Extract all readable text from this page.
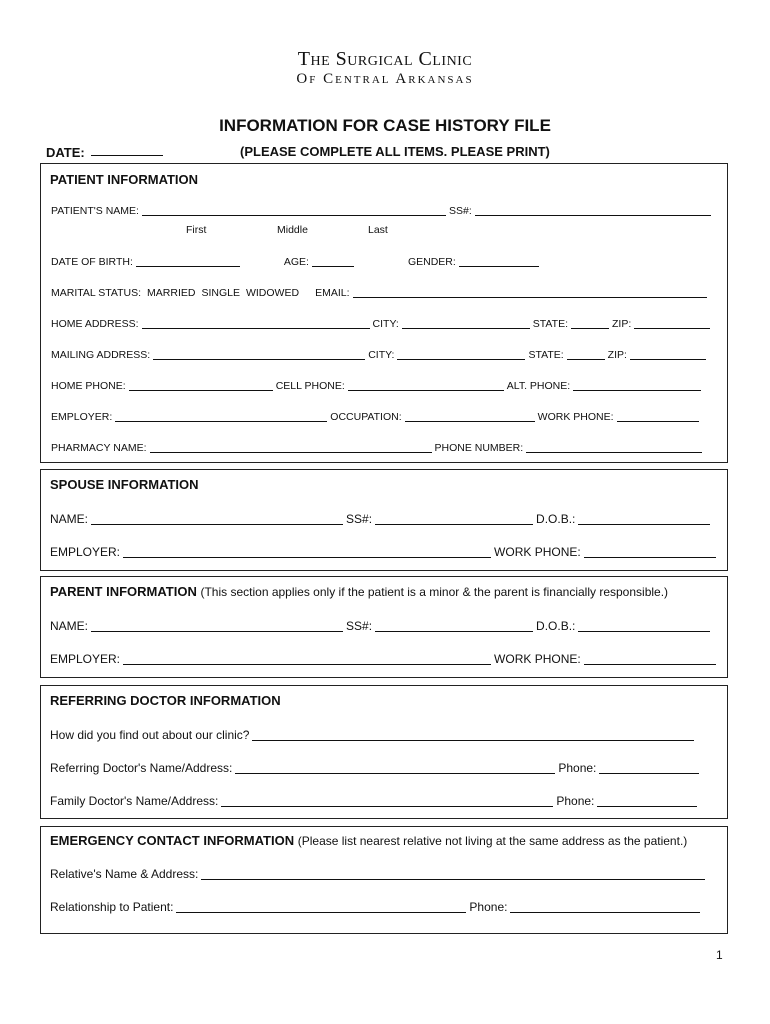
The Surgical Clinic
Of Central Arkansas
INFORMATION FOR CASE HISTORY FILE
DATE:	(PLEASE COMPLETE ALL ITEMS. PLEASE PRINT)
PATIENT INFORMATION
PATIENT'S NAME:	SS#:
First	Middle	Last
DATE OF BIRTH:	AGE:	GENDER:
MARITAL STATUS: MARRIED SINGLE WIDOWED EMAIL:
HOME ADDRESS:	CITY:	STATE:	ZIP:
MAILING ADDRESS:	CITY:	STATE:	ZIP:
HOME PHONE:	CELL PHONE:	ALT. PHONE:
EMPLOYER:	OCCUPATION:	WORK PHONE:
PHARMACY NAME:	PHONE NUMBER:
SPOUSE INFORMATION
NAME:	SS#:	D.O.B.:
EMPLOYER:	WORK PHONE:
PARENT INFORMATION (This section applies only if the patient is a minor & the parent is financially responsible.)
NAME:	SS#:	D.O.B.:
EMPLOYER:	WORK PHONE:
REFERRING DOCTOR INFORMATION
How did you find out about our clinic?
Referring Doctor's Name/Address:	Phone:
Family Doctor's Name/Address:	Phone:
EMERGENCY CONTACT INFORMATION (Please list nearest relative not living at the same address as the patient.)
Relative's Name & Address:
Relationship to Patient:	Phone:
1
